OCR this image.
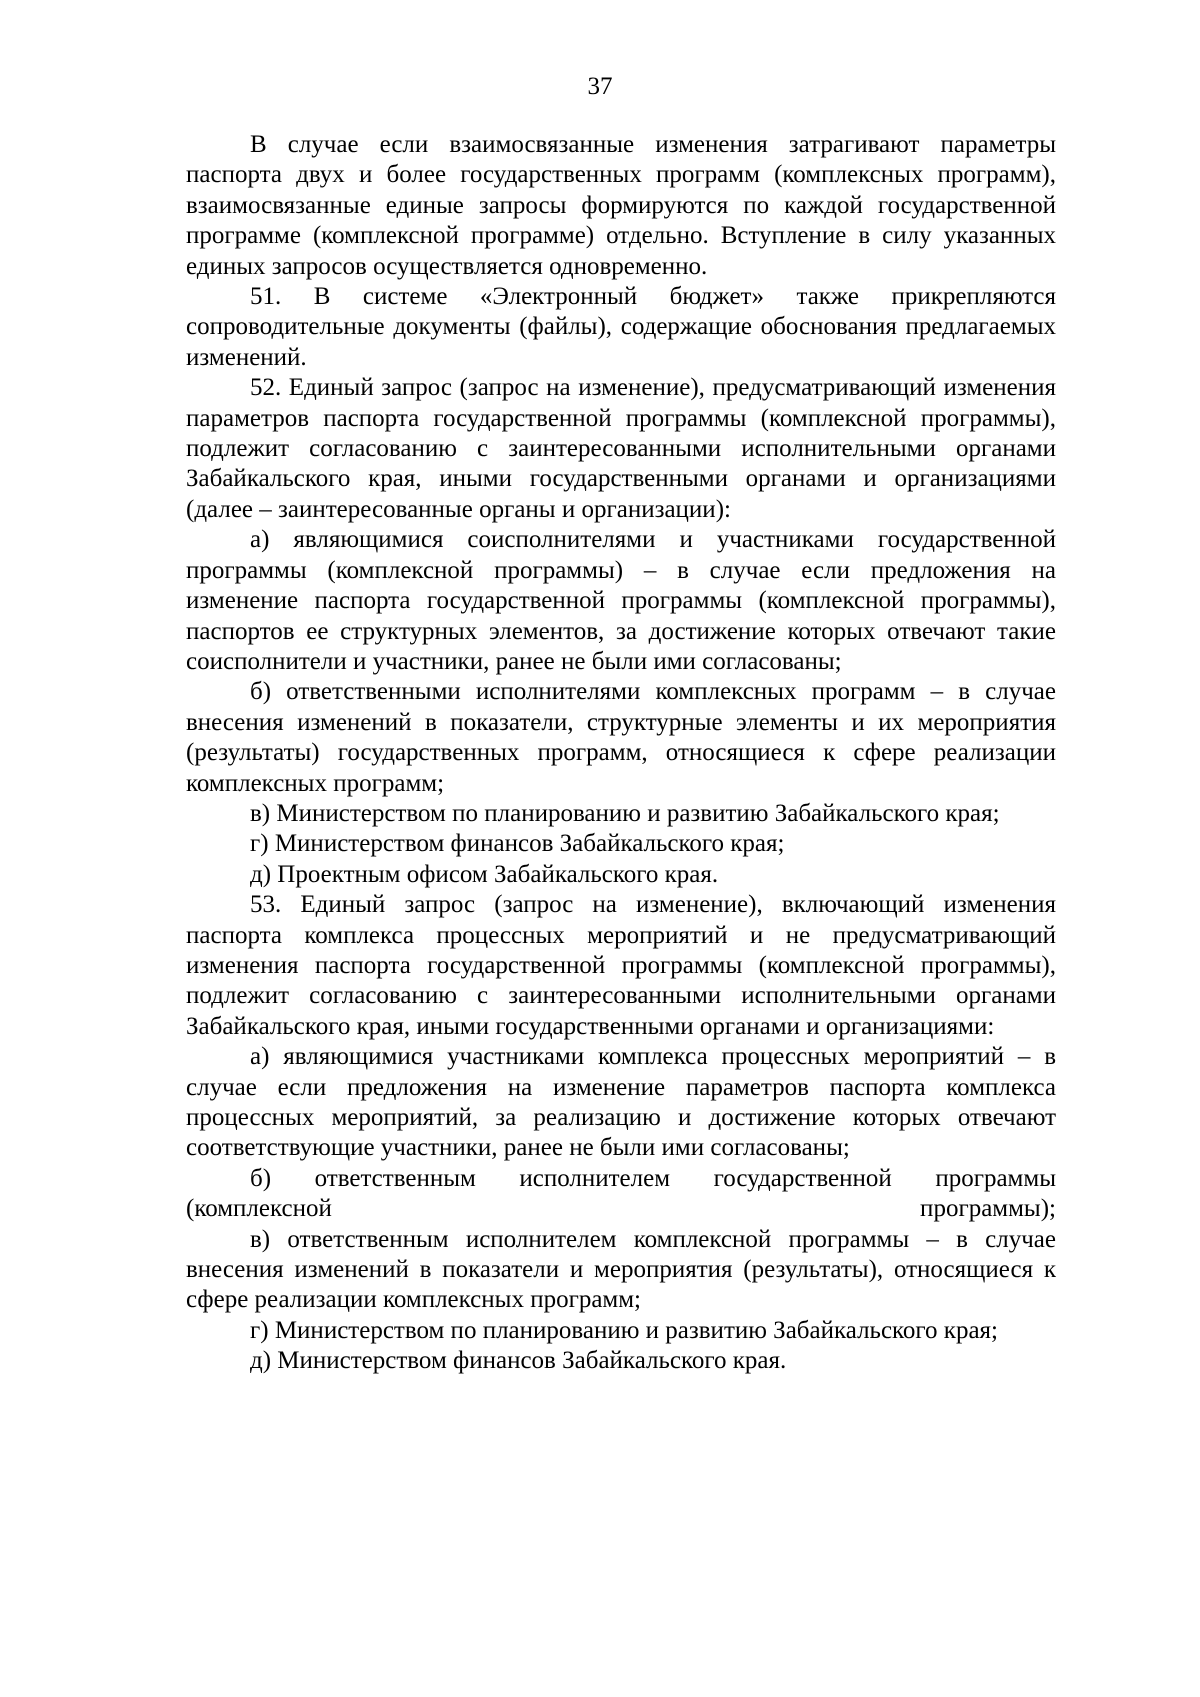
37

В случае если взаимосвязанные изменения затрагивают параметры паспорта двух и более государственных программ (комплексных программ), взаимосвязанные единые запросы формируются по каждой государственной программе (комплексной программе) отдельно. Вступление в силу указанных единых запросов осуществляется одновременно.

51. В системе «Электронный бюджет» также прикрепляются сопроводительные документы (файлы), содержащие обоснования предлагаемых изменений.

52. Единый запрос (запрос на изменение), предусматривающий изменения параметров паспорта государственной программы (комплексной программы), подлежит согласованию с заинтересованными исполнительными органами Забайкальского края, иными государственными органами и организациями (далее – заинтересованные органы и организации):

а) являющимися соисполнителями и участниками государственной программы (комплексной программы) – в случае если предложения на изменение паспорта государственной программы (комплексной программы), паспортов ее структурных элементов, за достижение которых отвечают такие соисполнители и участники, ранее не были ими согласованы;

б) ответственными исполнителями комплексных программ – в случае внесения изменений в показатели, структурные элементы и их мероприятия (результаты) государственных программ, относящиеся к сфере реализации комплексных программ;

в) Министерством по планированию и развитию Забайкальского края;

г) Министерством финансов Забайкальского края;

д) Проектным офисом Забайкальского края.

53. Единый запрос (запрос на изменение), включающий изменения паспорта комплекса процессных мероприятий и не предусматривающий изменения паспорта государственной программы (комплексной программы), подлежит согласованию с заинтересованными исполнительными органами Забайкальского края, иными государственными органами и организациями:

а) являющимися участниками комплекса процессных мероприятий – в случае если предложения на изменение параметров паспорта комплекса процессных мероприятий, за реализацию и достижение которых отвечают соответствующие участники, ранее не были ими согласованы;

б) ответственным исполнителем государственной программы (комплексной программы);

в) ответственным исполнителем комплексной программы – в случае внесения изменений в показатели и мероприятия (результаты), относящиеся к сфере реализации комплексных программ;

г) Министерством по планированию и развитию Забайкальского края;

д) Министерством финансов Забайкальского края.
